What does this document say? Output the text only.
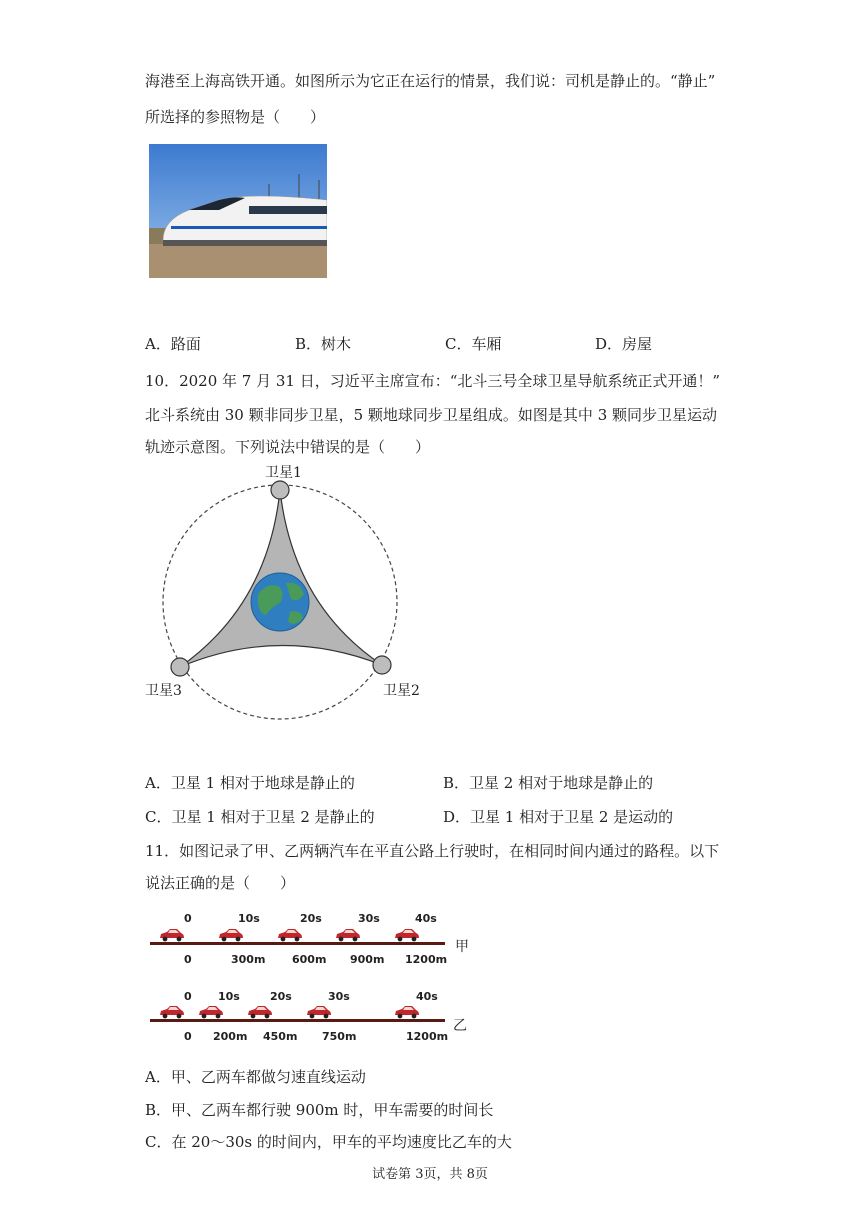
海港至上海高铁开通。如图所示为它正在运行的情景，我们说：司机是静止的。“静止”
所选择的参照物是（　　）
A．路面	B．树木	C．车厢	D．房屋
10．2020 年 7 月 31 日，习近平主席宣布：“北斗三号全球卫星导航系统正式开通！”
北斗系统由 30 颗非同步卫星，5 颗地球同步卫星组成。如图是其中 3 颗同步卫星运动
轨迹示意图。下列说法中错误的是（　　）
卫星1
卫星2
卫星3
A．卫星 1 相对于地球是静止的	B．卫星 2 相对于地球是静止的
C．卫星 1 相对于卫星 2 是静止的	D．卫星 1 相对于卫星 2 是运动的
11．如图记录了甲、乙两辆汽车在平直公路上行驶时，在相同时间内通过的路程。以下
说法正确的是（　　）
甲
0	10s	20s	30s	40s
0	300m 600m 900m 1200m
乙
0 10s	20s	30s	40s
0 200m 450m 750m	1200m
A．甲、乙两车都做匀速直线运动
B．甲、乙两车都行驶 900m 时，甲车需要的时间长
C．在 20～30s 的时间内，甲车的平均速度比乙车的大
试卷第 3页，共 8页
